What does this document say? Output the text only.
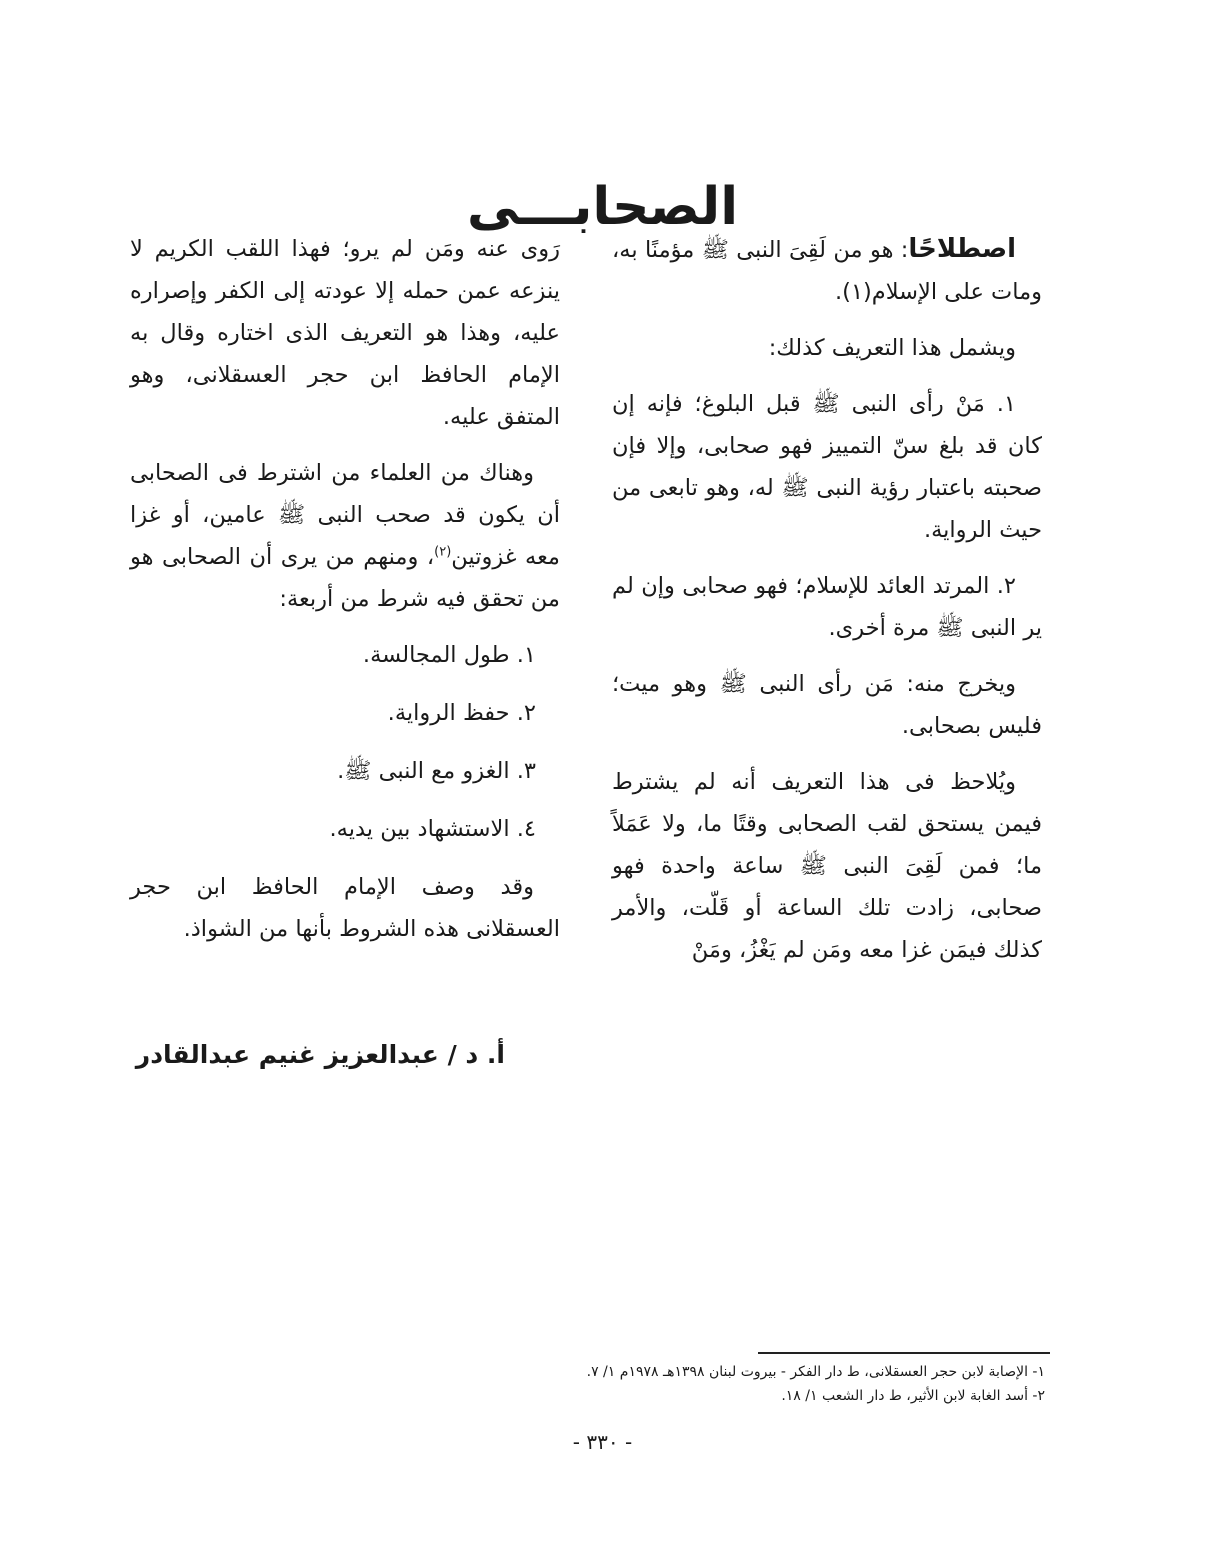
الصحابـــى

اصطلاحًا: هو من لَقِىَ النبى ﷺ مؤمنًا به، ومات على الإسلام(١).

ويشمل هذا التعريف كذلك:

١. مَنْ رأى النبى ﷺ قبل البلوغ؛ فإنه إن كان قد بلغ سنّ التمييز فهو صحابى، وإلا فإن صحبته باعتبار رؤية النبى ﷺ له، وهو تابعى من حيث الرواية.

٢. المرتد العائد للإسلام؛ فهو صحابى وإن لم ير النبى ﷺ مرة أخرى.

ويخرج منه: مَن رأى النبى ﷺ وهو ميت؛ فليس بصحابى.

ويُلاحظ فى هذا التعريف أنه لم يشترط فيمن يستحق لقب الصحابى وقتًا ما، ولا عَمَلاً ما؛ فمن لَقِىَ النبى ﷺ ساعة واحدة فهو صحابى، زادت تلك الساعة أو قَلّت، والأمر كذلك فيمَن غزا معه ومَن لم يَغْزُ، ومَنْ

رَوى عنه ومَن لم يرو؛ فهذا اللقب الكريم لا ينزعه عمن حمله إلا عودته إلى الكفر وإصراره عليه، وهذا هو التعريف الذى اختاره وقال به الإمام الحافظ ابن حجر العسقلانى، وهو المتفق عليه.

وهناك من العلماء من اشترط فى الصحابى أن يكون قد صحب النبى ﷺ عامين، أو غزا معه غزوتين$^{(٢)}$، ومنهم من يرى أن الصحابى هو من تحقق فيه شرط من أربعة:

١. طول المجالسة.
٢. حفظ الرواية.
٣. الغزو مع النبى ﷺ.
٤. الاستشهاد بين يديه.

وقد وصف الإمام الحافظ ابن حجر العسقلانى هذه الشروط بأنها من الشواذ.

أ. د / عبدالعزيز غنيم عبدالقادر
١- الإصابة لابن حجر العسقلانى، ط دار الفكر - بيروت لبنان ١٣٩٨هـ ١٩٧٨م ١/ ٧.
٢- أسد الغابة لابن الأثير، ط دار الشعب ١/ ١٨.
- ٣٣٠ -
